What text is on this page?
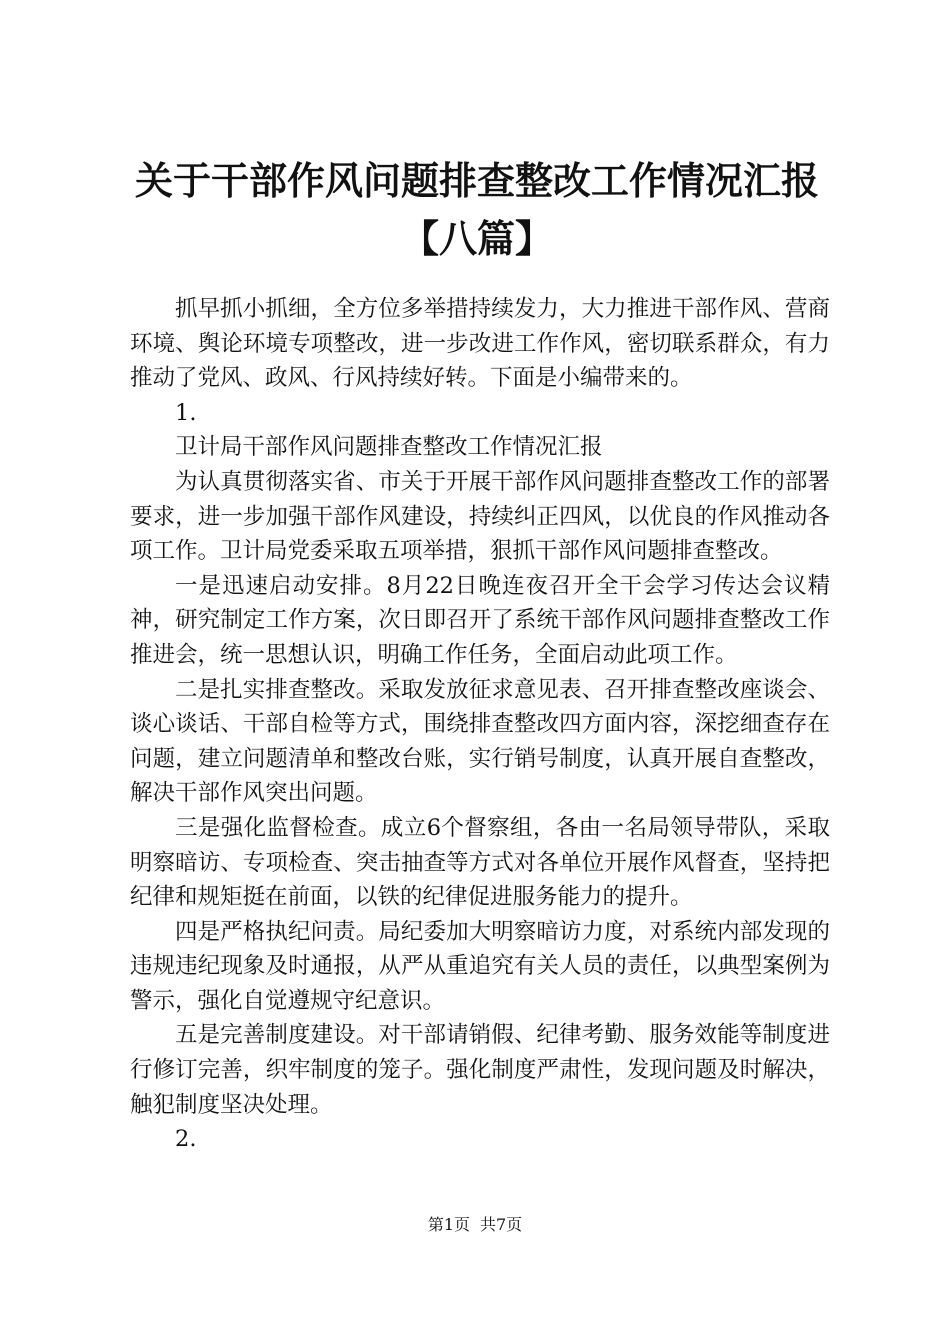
关于干部作风问题排查整改工作情况汇报【八篇】

抓早抓小抓细，全方位多举措持续发力，大力推进干部作风、营商环境、舆论环境专项整改，进一步改进工作作风，密切联系群众，有力推动了党风、政风、行风持续好转。下面是小编带来的。

1.

卫计局干部作风问题排查整改工作情况汇报

为认真贯彻落实省、市关于开展干部作风问题排查整改工作的部署要求，进一步加强干部作风建设，持续纠正四风，以优良的作风推动各项工作。卫计局党委采取五项举措，狠抓干部作风问题排查整改。

一是迅速启动安排。8月22日晚连夜召开全干会学习传达会议精神，研究制定工作方案，次日即召开了系统干部作风问题排查整改工作推进会，统一思想认识，明确工作任务，全面启动此项工作。

二是扎实排查整改。采取发放征求意见表、召开排查整改座谈会、谈心谈话、干部自检等方式，围绕排查整改四方面内容，深挖细查存在问题，建立问题清单和整改台账，实行销号制度，认真开展自查整改，解决干部作风突出问题。

三是强化监督检查。成立6个督察组，各由一名局领导带队，采取明察暗访、专项检查、突击抽查等方式对各单位开展作风督查，坚持把纪律和规矩挺在前面，以铁的纪律促进服务能力的提升。

四是严格执纪问责。局纪委加大明察暗访力度，对系统内部发现的违规违纪现象及时通报，从严从重追究有关人员的责任，以典型案例为警示，强化自觉遵规守纪意识。

五是完善制度建设。对干部请销假、纪律考勤、服务效能等制度进行修订完善，织牢制度的笼子。强化制度严肃性，发现问题及时解决，触犯制度坚决处理。

2.

第1页 共7页
